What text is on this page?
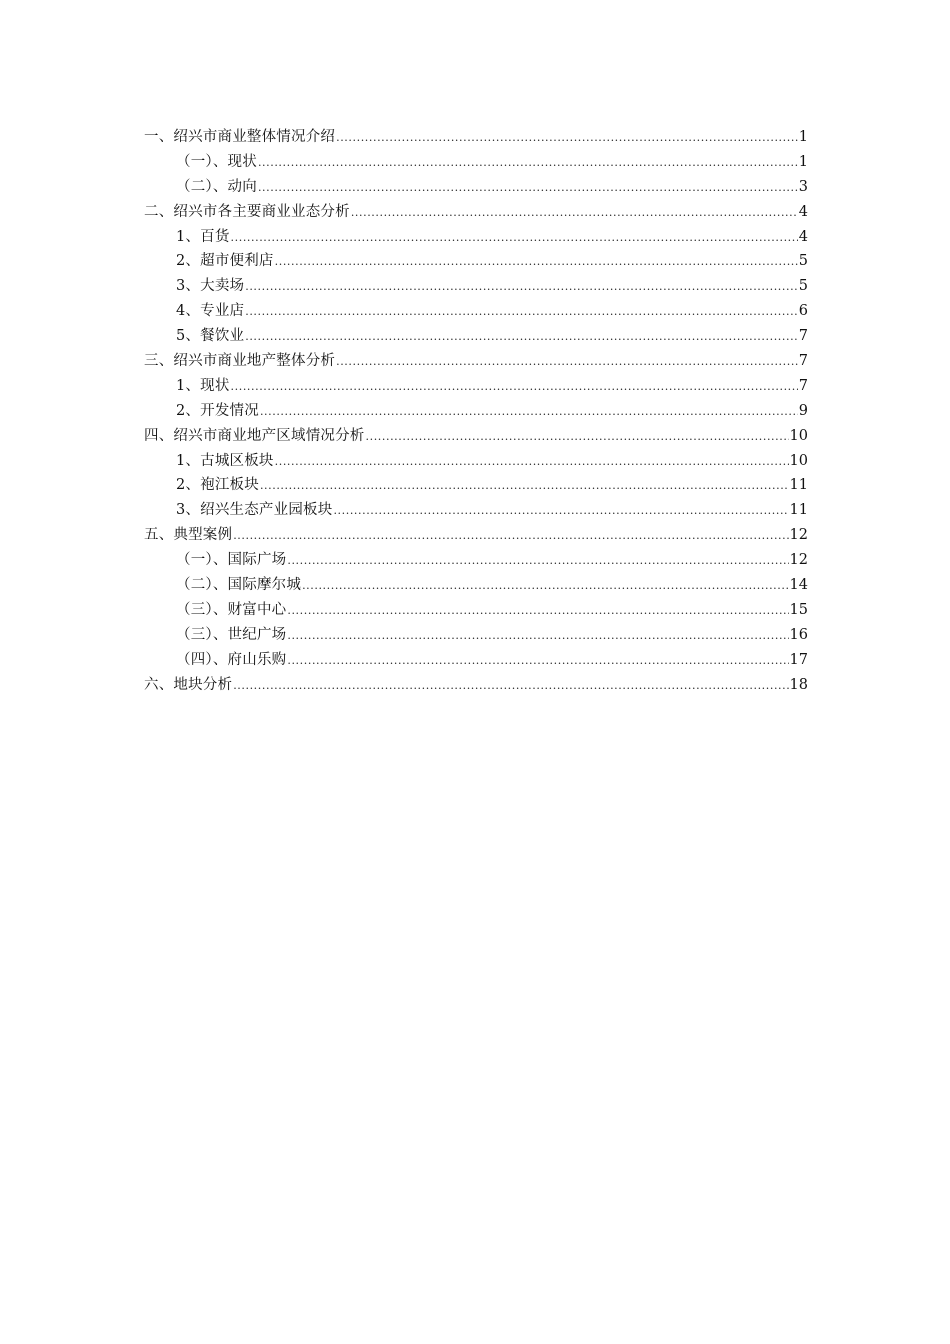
一、绍兴市商业整体情况介绍 .....	1
（一）、现状 .....	1
（二）、动向 .....	3
二、绍兴市各主要商业业态分析 .....	4
1、百货 .....	4
2、超市便利店 .....	5
3、大卖场 .....	5
4、专业店 .....	6
5、餐饮业 .....	7
三、绍兴市商业地产整体分析 .....	7
1、现状 .....	7
2、开发情况 .....	9
四、绍兴市商业地产区域情况分析 .....	10
1、古城区板块 .....	10
2、袍江板块 .....	11
3、绍兴生态产业园板块 .....	11
五、典型案例 .....	12
（一）、国际广场 .....	12
（二）、国际摩尔城 .....	14
（三）、财富中心 .....	15
（三）、世纪广场 .....	16
（四）、府山乐购 .....	17
六、地块分析 .....	18
